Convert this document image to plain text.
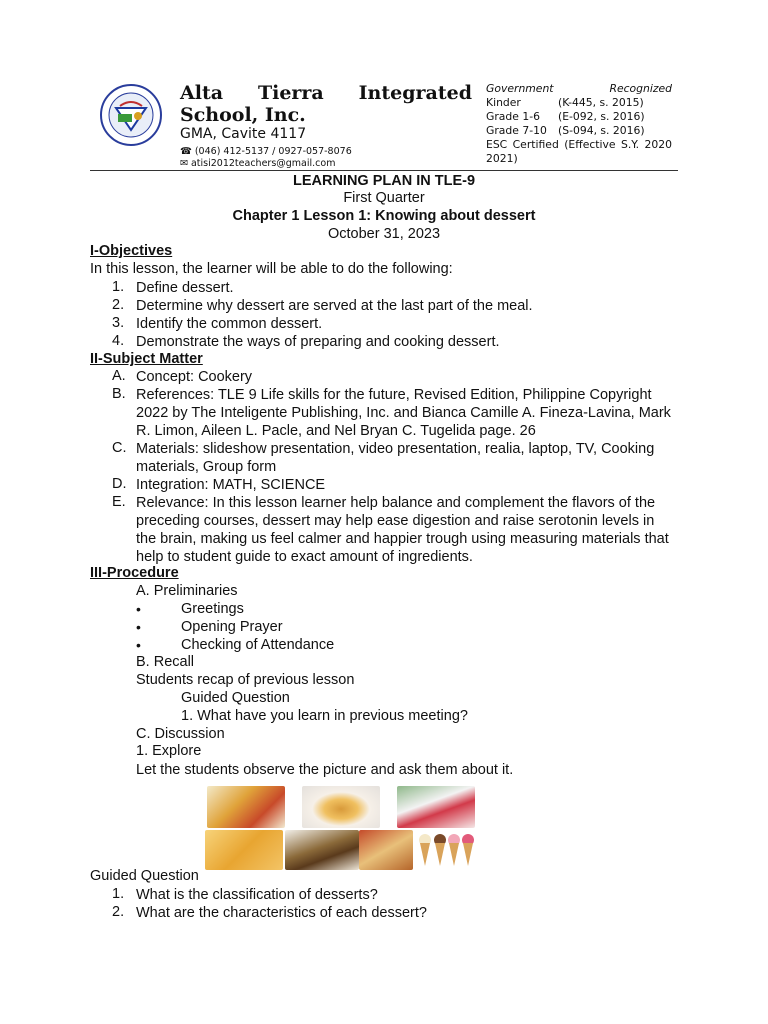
Alta Tierra Integrated School, Inc.
GMA, Cavite 4117
☎ (046) 412-5137 / 0927-057-8076
✉ atisi2012teachers@gmail.com
Government	Recognized
Kinder	(K-445, s. 2015)
Grade 1-6	(E-092, s. 2016)
Grade 7-10	(S-094, s. 2016)
ESC Certified (Effective S.Y. 2020 2021)
LEARNING PLAN IN TLE-9
First Quarter
Chapter 1 Lesson 1: Knowing about dessert
October 31, 2023
I-Objectives
In this lesson, the learner will be able to do the following:
1. Define dessert.
2. Determine why dessert are served at the last part of the meal.
3. Identify the common dessert.
4. Demonstrate the ways of preparing and cooking dessert.
II-Subject Matter
A. Concept: Cookery
B. References: TLE 9 Life skills for the future, Revised Edition, Philippine Copyright 2022 by The Inteligente Publishing, Inc. and Bianca Camille A. Fineza-Lavina, Mark R. Limon, Aileen L. Pacle, and Nel Bryan C. Tugelida page. 26
C. Materials: slideshow presentation, video presentation, realia, laptop, TV, Cooking materials, Group form
D. Integration: MATH, SCIENCE
E. Relevance: In this lesson learner help balance and complement the flavors of the preceding courses, dessert may help ease digestion and raise serotonin levels in the brain, making us feel calmer and happier trough using measuring materials that help to student guide to exact amount of ingredients.
III-Procedure
A. Preliminaries
•	Greetings
•	Opening Prayer
•	Checking of Attendance
B. Recall
Students recap of previous lesson
Guided Question
1. What have you learn in previous meeting?
C. Discussion
1. Explore
Let the students observe the picture and ask them about it.
Guided Question
1. What is the classification of desserts?
2. What are the characteristics of each dessert?
